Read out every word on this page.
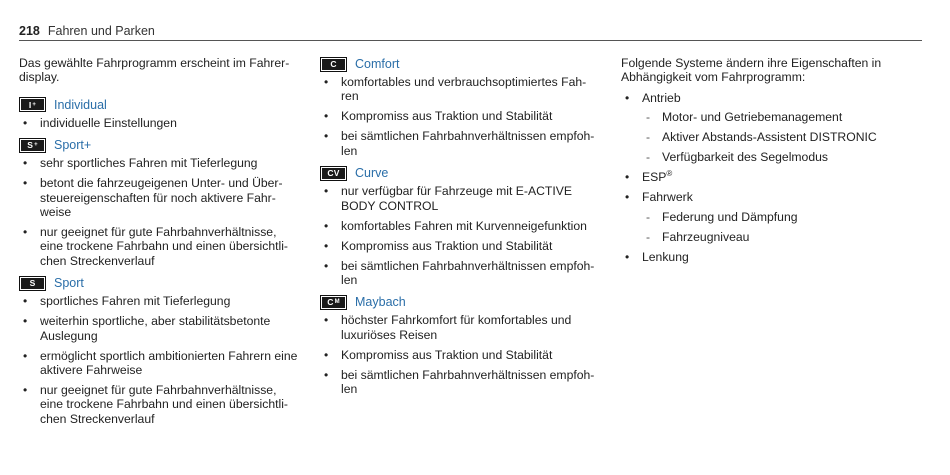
218 Fahren und Parken

Das gewählte Fahrprogramm erscheint im Fahrer-display.

I + Individual
• individuelle Einstellungen
S + Sport+
• sehr sportliches Fahren mit Tieferlegung
• betont die fahrzeugeigenen Unter- und Über-steuereigenschaften für noch aktivere Fahr-weise
• nur geeignet für gute Fahrbahnverhältnisse, eine trockene Fahrbahn und einen übersichtli-chen Streckenverlauf
S Sport
• sportliches Fahren mit Tieferlegung
• weiterhin sportliche, aber stabilitätsbetonte Auslegung
• ermöglicht sportlich ambitionierten Fahrern eine aktivere Fahrweise
• nur geeignet für gute Fahrbahnverhältnisse, eine trockene Fahrbahn und einen übersichtli-chen Streckenverlauf
C Comfort
• komfortables und verbrauchsoptimiertes Fah-ren
• Kompromiss aus Traktion und Stabilität
• bei sämtlichen Fahrbahnverhältnissen empfoh-len
CV Curve
• nur verfügbar für Fahrzeuge mit E-ACTIVE BODY CONTROL
• komfortables Fahren mit Kurvenneigefunktion
• Kompromiss aus Traktion und Stabilität
• bei sämtlichen Fahrbahnverhältnissen empfoh-len
C M Maybach
• höchster Fahrkomfort für komfortables und luxuriöses Reisen
• Kompromiss aus Traktion und Stabilität
• bei sämtlichen Fahrbahnverhältnissen empfoh-len

Folgende Systeme ändern ihre Eigenschaften in Abhängigkeit vom Fahrprogramm:

• Antrieb
- Motor- und Getriebemanagement
- Aktiver Abstands-Assistent DISTRONIC
- Verfügbarkeit des Segelmodus
• ESP®
• Fahrwerk
- Federung und Dämpfung
- Fahrzeugniveau
• Lenkung
